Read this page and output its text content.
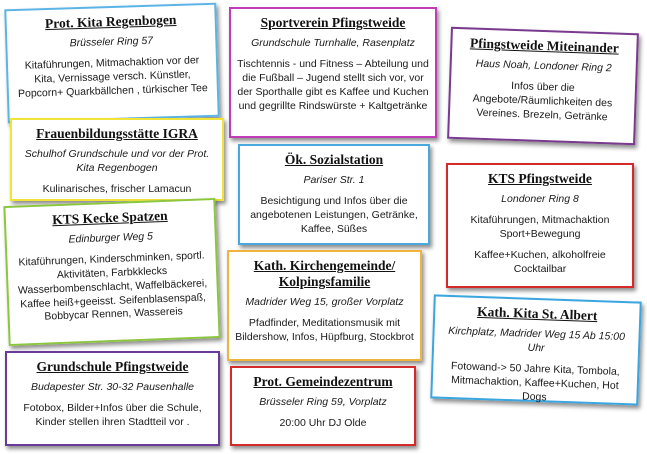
Prot. Kita Regenbogen

Brüsseler Ring 57

Kitaführungen, Mitmachaktion vor der Kita, Vernissage versch. Künstler, Popcorn+ Quarkbällchen , türkischer Tee

Sportverein Pfingstweide

Grundschule Turnhalle, Rasenplatz

Tischtennis - und Fitness – Abteilung und die Fußball – Jugend stellt sich vor, vor der Sporthalle gibt es Kaffee und Kuchen und gegrillte Rindswürste + Kaltgetränke

Pfingstweide Miteinander

Haus Noah, Londoner Ring 2

Infos über die Angebote/Räumlichkeiten des Vereines. Brezeln, Getränke

Frauenbildungsstätte IGRA

Schulhof Grundschule und vor der Prot. Kita Regenbogen

Kulinarisches, frischer Lamacun

Ök. Sozialstation

Pariser Str. 1

Besichtigung und Infos über die angebotenen Leistungen, Getränke, Kaffee, Süßes

KTS Pfingstweide

Londoner Ring 8

Kitaführungen, Mitmachaktion Sport+Bewegung

Kaffee+Kuchen, alkoholfreie Cocktailbar

KTS Kecke Spatzen

Edinburger Weg 5

Kitaführungen, Kinderschminken, sportl. Aktivitäten, Farbkklecks Wasserbombenschlacht, Waffelbäckerei, Kaffee heiß+geeisst. Seifenblasenspaß, Bobbycar Rennen, Wassereis

Kath. Kirchengemeinde/ Kolpingsfamilie

Madrider Weg 15, großer Vorplatz

Pfadfinder, Meditationsmusik mit Bildershow, Infos, Hüpfburg, Stockbrot

Kath. Kita St. Albert

Kirchplatz, Madrider Weg 15 Ab 15:00 Uhr

Fotowand-> 50 Jahre Kita, Tombola, Mitmachaktion, Kaffee+Kuchen, Hot Dogs

Grundschule Pfingstweide

Budapester Str. 30-32 Pausenhalle

Fotobox, Bilder+Infos über die Schule, Kinder stellen ihren Stadtteil vor .

Prot. Gemeindezentrum

Brüsseler Ring 59, Vorplatz

20:00 Uhr DJ Olde
